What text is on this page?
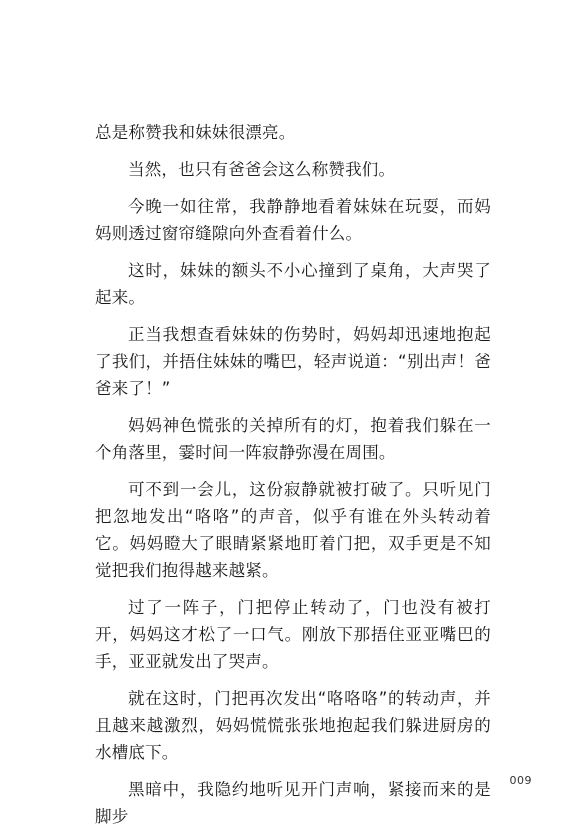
总是称赞我和妹妹很漂亮。

当然，也只有爸爸会这么称赞我们。

今晚一如往常，我静静地看着妹妹在玩耍，而妈妈则透过窗帘缝隙向外查看着什么。

这时，妹妹的额头不小心撞到了桌角，大声哭了起来。

正当我想查看妹妹的伤势时，妈妈却迅速地抱起了我们，并捂住妹妹的嘴巴，轻声说道：“别出声！爸爸来了！”

妈妈神色慌张的关掉所有的灯，抱着我们躲在一个角落里，霎时间一阵寂静弥漫在周围。

可不到一会儿，这份寂静就被打破了。只听见门把忽地发出“咯咯”的声音，似乎有谁在外头转动着它。妈妈瞪大了眼睛紧紧地盯着门把，双手更是不知觉把我们抱得越来越紧。

过了一阵子，门把停止转动了，门也没有被打开，妈妈这才松了一口气。刚放下那捂住亚亚嘴巴的手，亚亚就发出了哭声。

就在这时，门把再次发出“咯咯咯”的转动声，并且越来越激烈，妈妈慌慌张张地抱起我们躲进厨房的水槽底下。

黑暗中，我隐约地听见开门声响，紧接而来的是脚步

009
